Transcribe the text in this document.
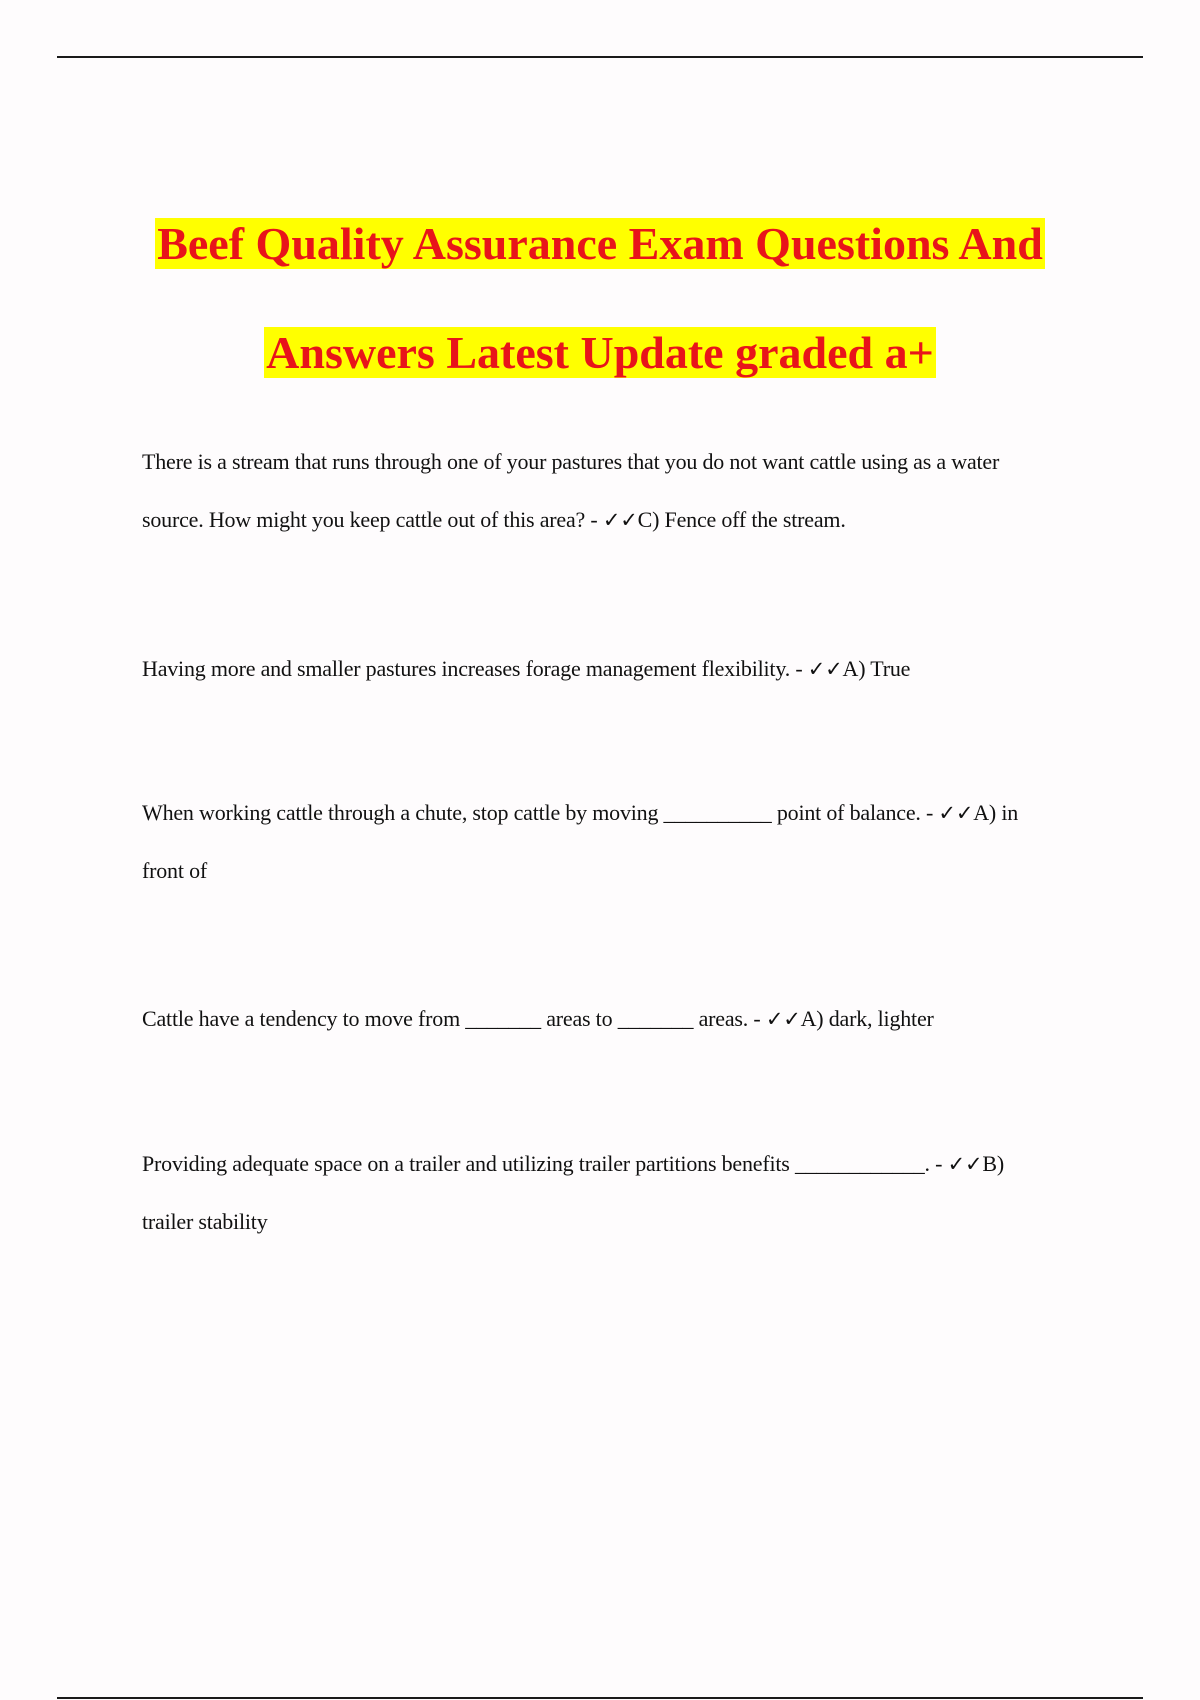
Beef Quality Assurance Exam Questions And
Answers Latest Update graded a+
There is a stream that runs through one of your pastures that you do not want cattle using as a water source. How might you keep cattle out of this area? - ✓✓C) Fence off the stream.
Having more and smaller pastures increases forage management flexibility. - ✓✓A) True
When working cattle through a chute, stop cattle by moving __________ point of balance. - ✓✓A) in front of
Cattle have a tendency to move from _______ areas to _______ areas. - ✓✓A) dark, lighter
Providing adequate space on a trailer and utilizing trailer partitions benefits ____________. - ✓✓B) trailer stability
